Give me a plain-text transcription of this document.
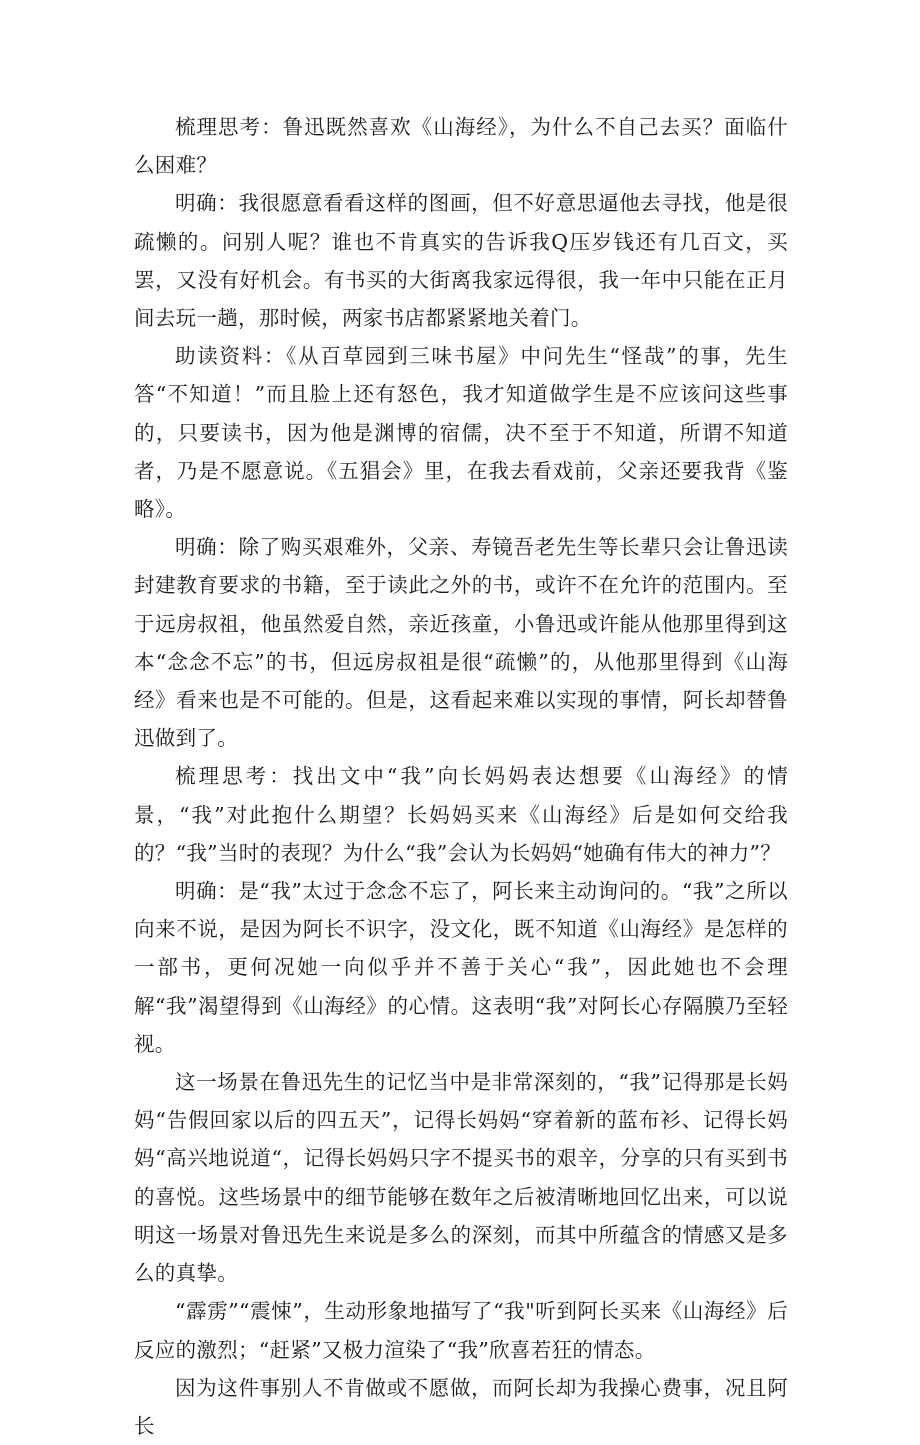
梳理思考：鲁迅既然喜欢《山海经》，为什么不自己去买？面临什么困难？

明确：我很愿意看看这样的图画，但不好意思逼他去寻找，他是很疏懒的。问别人呢？谁也不肯真实的告诉我Q压岁钱还有几百文，买罢，又没有好机会。有书买的大街离我家远得很，我一年中只能在正月间去玩一趟，那时候，两家书店都紧紧地关着门。

助读资料：《从百草园到三味书屋》中问先生“怪哉”的事，先生答“不知道！”而且脸上还有怒色，我才知道做学生是不应该问这些事的，只要读书，因为他是渊博的宿儒，决不至于不知道，所谓不知道者，乃是不愿意说。《五猖会》里，在我去看戏前，父亲还要我背《鉴略》。

明确：除了购买艰难外，父亲、寿镜吾老先生等长辈只会让鲁迅读封建教育要求的书籍，至于读此之外的书，或许不在允许的范围内。至于远房叔祖，他虽然爱自然，亲近孩童，小鲁迅或许能从他那里得到这本“念念不忘”的书，但远房叔祖是很“疏懒”的，从他那里得到《山海经》看来也是不可能的。但是，这看起来难以实现的事情，阿长却替鲁迅做到了。

梳理思考：找出文中“我”向长妈妈表达想要《山海经》的情景，“我”对此抱什么期望？长妈妈买来《山海经》后是如何交给我的？“我”当时的表现？为什么“我”会认为长妈妈“她确有伟大的神力”？

明确：是“我”太过于念念不忘了，阿长来主动询问的。“我”之所以向来不说，是因为阿长不识字，没文化，既不知道《山海经》是怎样的一部书，更何况她一向似乎并不善于关心“我”，因此她也不会理解“我”渴望得到《山海经》的心情。这表明“我”对阿长心存隔膜乃至轻视。

这一场景在鲁迅先生的记忆当中是非常深刻的，“我”记得那是长妈妈“告假回家以后的四五天”，记得长妈妈“穿着新的蓝布衫、记得长妈妈“高兴地说道“，记得长妈妈只字不提买书的艰辛，分享的只有买到书的喜悦。这些场景中的细节能够在数年之后被清晰地回忆出来，可以说明这一场景对鲁迅先生来说是多么的深刻，而其中所蕴含的情感又是多么的真挚。

“霹雳”“震悚”，生动形象地描写了“我"听到阿长买来《山海经》后反应的激烈；“赶紧”又极力渲染了“我”欣喜若狂的情态。

因为这件事别人不肯做或不愿做，而阿长却为我操心费事，况且阿长
